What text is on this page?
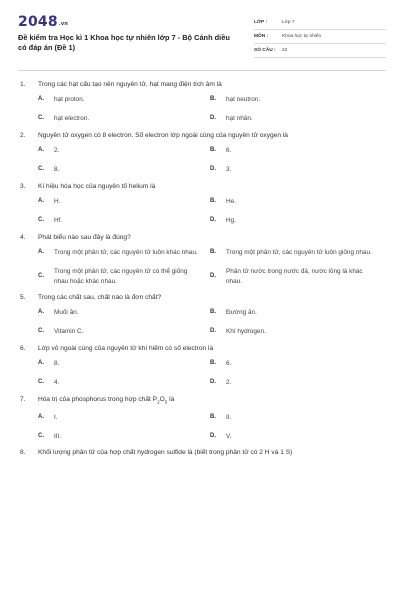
2048.vn
Đề kiểm tra Học kì 1 Khoa học tự nhiên lớp 7 - Bộ Cánh diều có đáp án (Đề 1)
LỚP :	Lớp 7
MÔN :	Khoa học tự nhiên
SỐ CÂU :	22
1.	Trong các hạt cấu tạo nên nguyên tử, hạt mang điện tích âm là
A.	hạt proton.	B.	hạt neutron.
C.	hạt electron.	D.	hạt nhân.
2.	Nguyên tử oxygen có 8 electron. Số electron lớp ngoài cùng của nguyên tử oxygen là
A.	2.	B.	6.
C.	8.	D.	3.
3.	Kí hiệu hóa học của nguyên tố helium là
A.	H.	B.	He.
C.	Hf.	D.	Hg.
4.	Phát biểu nào sau đây là đúng?
A.	Trong một phân tử, các nguyên tử luôn khác nhau.	B.	Trong một phân tử, các nguyên tử luôn giống nhau.
C.
Trong một phân tử, các nguyên tử có thể giống nhau hoặc khác nhau.
D.
Phân tử nước trong nước đá, nước lỏng là khác nhau.
5.	Trong các chất sau, chất nào là đơn chất?
A.	Muối ăn.	B.	Đường ăn.
C.	Vitamin C.	D.	Khí hydrogen.
6.	Lớp vỏ ngoài cùng của nguyên tử khí hiếm có số electron là
A.	8.	B.	6.
C.	4.	D.	2.
7.	Hóa trị của phosphorus trong hợp chất $P_2O_5$ là
A.	I.	B.	II.
C.	III.	D.	V.
8.	Khối lượng phân tử của hợp chất hydrogen sulfide là (biết trong phân tử có 2 H và 1 S)
